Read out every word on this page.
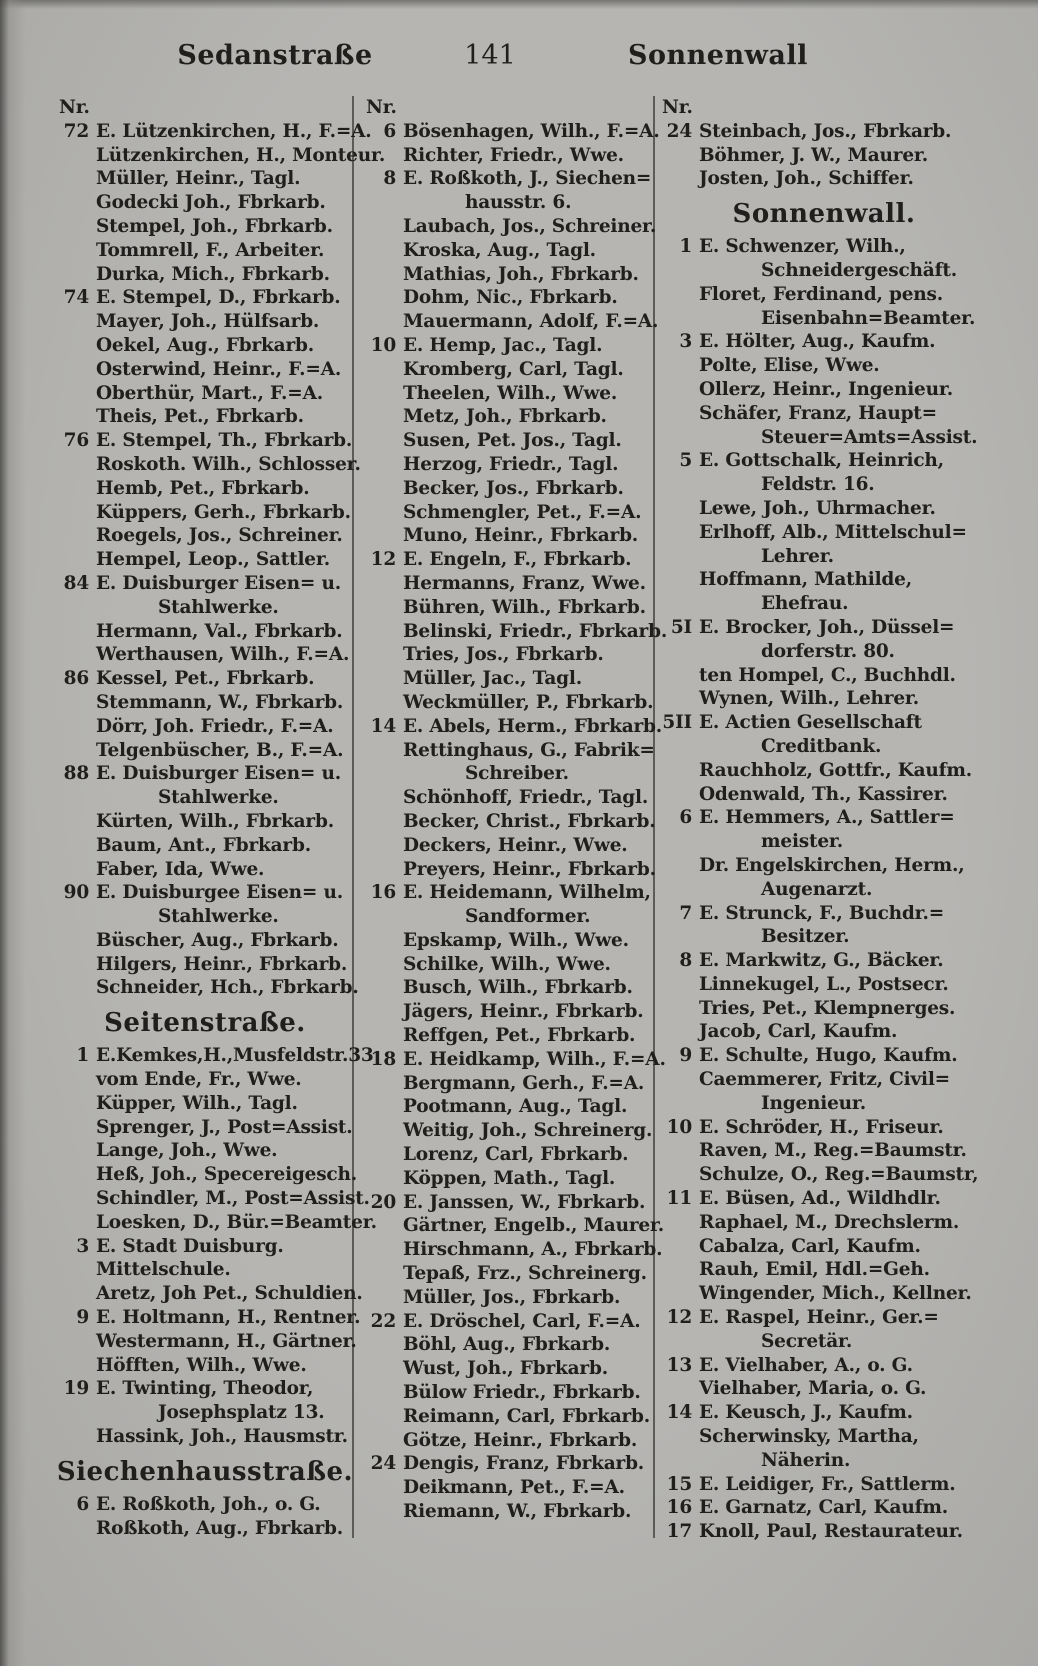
Sedanstraße	141	Sonnenwall
Nr.
72 E. Lützenkirchen, H., F.=A.
Lützenkirchen, H., Monteur.
Müller, Heinr., Tagl.
Godecki Joh., Fbrkarb.
Stempel, Joh., Fbrkarb.
Tommrell, F., Arbeiter.
Durka, Mich., Fbrkarb.
74 E. Stempel, D., Fbrkarb.
Mayer, Joh., Hülfsarb.
Oekel, Aug., Fbrkarb.
Osterwind, Heinr., F.=A.
Oberthür, Mart., F.=A.
Theis, Pet., Fbrkarb.
76 E. Stempel, Th., Fbrkarb.
Roskoth. Wilh., Schlosser.
Hemb, Pet., Fbrkarb.
Küppers, Gerh., Fbrkarb.
Roegels, Jos., Schreiner.
Hempel, Leop., Sattler.
84 E. Duisburger Eisen= u.
Stahlwerke.
Hermann, Val., Fbrkarb.
Werthausen, Wilh., F.=A.
86 Kessel, Pet., Fbrkarb.
Stemmann, W., Fbrkarb.
Dörr, Joh. Friedr., F.=A.
Telgenbüscher, B., F.=A.
88 E. Duisburger Eisen= u.
Stahlwerke.
Kürten, Wilh., Fbrkarb.
Baum, Ant., Fbrkarb.
Faber, Ida, Wwe.
90 E. Duisburgee Eisen= u.
Stahlwerke.
Büscher, Aug., Fbrkarb.
Hilgers, Heinr., Fbrkarb.
Schneider, Hch., Fbrkarb.
Seitenstraße.
1 E.Kemkes,H.,Musfeldstr.33
vom Ende, Fr., Wwe.
Küpper, Wilh., Tagl.
Sprenger, J., Post=Assist.
Lange, Joh., Wwe.
Heß, Joh., Specereigesch.
Schindler, M., Post=Assist.
Loesken, D., Bür.=Beamter.
3 E. Stadt Duisburg.
Mittelschule.
Aretz, Joh Pet., Schuldien.
9 E. Holtmann, H., Rentner.
Westermann, H., Gärtner.
Höfften, Wilh., Wwe.
19 E. Twinting, Theodor,
Josephsplatz 13.
Hassink, Joh., Hausmstr.
Siechenhausstraße.
6 E. Roßkoth, Joh., o. G.
Roßkoth, Aug., Fbrkarb.
Nr.
6 Bösenhagen, Wilh., F.=A.
Richter, Friedr., Wwe.
8 E. Roßkoth, J., Siechen=
hausstr. 6.
Laubach, Jos., Schreiner.
Kroska, Aug., Tagl.
Mathias, Joh., Fbrkarb.
Dohm, Nic., Fbrkarb.
Mauermann, Adolf, F.=A.
10 E. Hemp, Jac., Tagl.
Kromberg, Carl, Tagl.
Theelen, Wilh., Wwe.
Metz, Joh., Fbrkarb.
Susen, Pet. Jos., Tagl.
Herzog, Friedr., Tagl.
Becker, Jos., Fbrkarb.
Schmengler, Pet., F.=A.
Muno, Heinr., Fbrkarb.
12 E. Engeln, F., Fbrkarb.
Hermanns, Franz, Wwe.
Bühren, Wilh., Fbrkarb.
Belinski, Friedr., Fbrkarb.
Tries, Jos., Fbrkarb.
Müller, Jac., Tagl.
Weckmüller, P., Fbrkarb.
14 E. Abels, Herm., Fbrkarb.
Rettinghaus, G., Fabrik=
Schreiber.
Schönhoff, Friedr., Tagl.
Becker, Christ., Fbrkarb.
Deckers, Heinr., Wwe.
Preyers, Heinr., Fbrkarb.
16 E. Heidemann, Wilhelm,
Sandformer.
Epskamp, Wilh., Wwe.
Schilke, Wilh., Wwe.
Busch, Wilh., Fbrkarb.
Jägers, Heinr., Fbrkarb.
Reffgen, Pet., Fbrkarb.
18 E. Heidkamp, Wilh., F.=A.
Bergmann, Gerh., F.=A.
Pootmann, Aug., Tagl.
Weitig, Joh., Schreinerg.
Lorenz, Carl, Fbrkarb.
Köppen, Math., Tagl.
20 E. Janssen, W., Fbrkarb.
Gärtner, Engelb., Maurer.
Hirschmann, A., Fbrkarb.
Tepaß, Frz., Schreinerg.
Müller, Jos., Fbrkarb.
22 E. Dröschel, Carl, F.=A.
Böhl, Aug., Fbrkarb.
Wust, Joh., Fbrkarb.
Bülow Friedr., Fbrkarb.
Reimann, Carl, Fbrkarb.
Götze, Heinr., Fbrkarb.
24 Dengis, Franz, Fbrkarb.
Deikmann, Pet., F.=A.
Riemann, W., Fbrkarb.
Nr.
24 Steinbach, Jos., Fbrkarb.
Böhmer, J. W., Maurer.
Josten, Joh., Schiffer.
Sonnenwall.
1 E. Schwenzer, Wilh.,
Schneidergeschäft.
Floret, Ferdinand, pens.
Eisenbahn=Beamter.
3 E. Hölter, Aug., Kaufm.
Polte, Elise, Wwe.
Ollerz, Heinr., Ingenieur.
Schäfer, Franz, Haupt=
Steuer=Amts=Assist.
5 E. Gottschalk, Heinrich,
Feldstr. 16.
Lewe, Joh., Uhrmacher.
Erlhoff, Alb., Mittelschul=
Lehrer.
Hoffmann, Mathilde,
Ehefrau.
5I E. Brocker, Joh., Düssel=
dorferstr. 80.
ten Hompel, C., Buchhdl.
Wynen, Wilh., Lehrer.
5II E. Actien Gesellschaft
Creditbank.
Rauchholz, Gottfr., Kaufm.
Odenwald, Th., Kassirer.
6 E. Hemmers, A., Sattler=
meister.
Dr. Engelskirchen, Herm.,
Augenarzt.
7 E. Strunck, F., Buchdr.=
Besitzer.
8 E. Markwitz, G., Bäcker.
Linnekugel, L., Postsecr.
Tries, Pet., Klempnerges.
Jacob, Carl, Kaufm.
9 E. Schulte, Hugo, Kaufm.
Caemmerer, Fritz, Civil=
Ingenieur.
10 E. Schröder, H., Friseur.
Raven, M., Reg.=Baumstr.
Schulze, O., Reg.=Baumstr,
11 E. Büsen, Ad., Wildhdlr.
Raphael, M., Drechslerm.
Cabalza, Carl, Kaufm.
Rauh, Emil, Hdl.=Geh.
Wingender, Mich., Kellner.
12 E. Raspel, Heinr., Ger.=
Secretär.
13 E. Vielhaber, A., o. G.
Vielhaber, Maria, o. G.
14 E. Keusch, J., Kaufm.
Scherwinsky, Martha,
Näherin.
15 E. Leidiger, Fr., Sattlerm.
16 E. Garnatz, Carl, Kaufm.
17 Knoll, Paul, Restaurateur.
